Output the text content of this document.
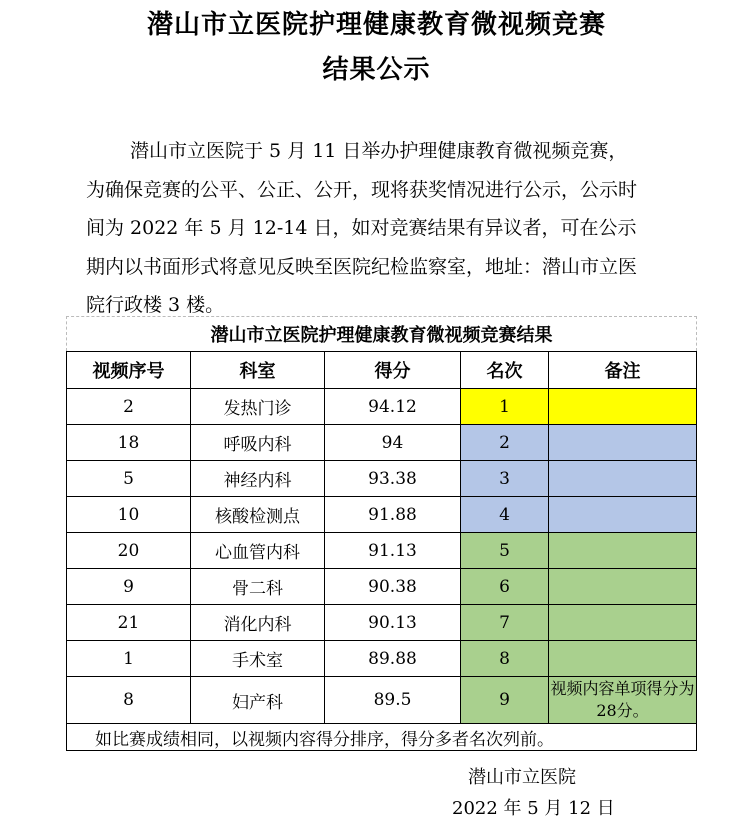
潜山市立医院护理健康教育微视频竞赛
结果公示
潜山市立医院于 5 月 11 日举办护理健康教育微视频竞赛，为确保竞赛的公平、公正、公开，现将获奖情况进行公示，公示时间为 2022 年 5 月 12-14 日，如对竞赛结果有异议者，可在公示期内以书面形式将意见反映至医院纪检监察室，地址：潜山市立医院行政楼 3 楼。
潜山市立医院护理健康教育微视频竞赛结果				
视频序号	科室	得分	名次	备注
2	发热门诊	94.12	1	
18	呼吸内科	94	2	
5	神经内科	93.38	3	
10	核酸检测点	91.88	4	
20	心血管内科	91.13	5	
9	骨二科	90.38	6	
21	消化内科	90.13	7	
1	手术室	89.88	8	
8	妇产科	89.5	9	视频内容单项得分为28分。
如比赛成绩相同，以视频内容得分排序，得分多者名次列前。				
潜山市立医院
2022 年 5 月 12 日
